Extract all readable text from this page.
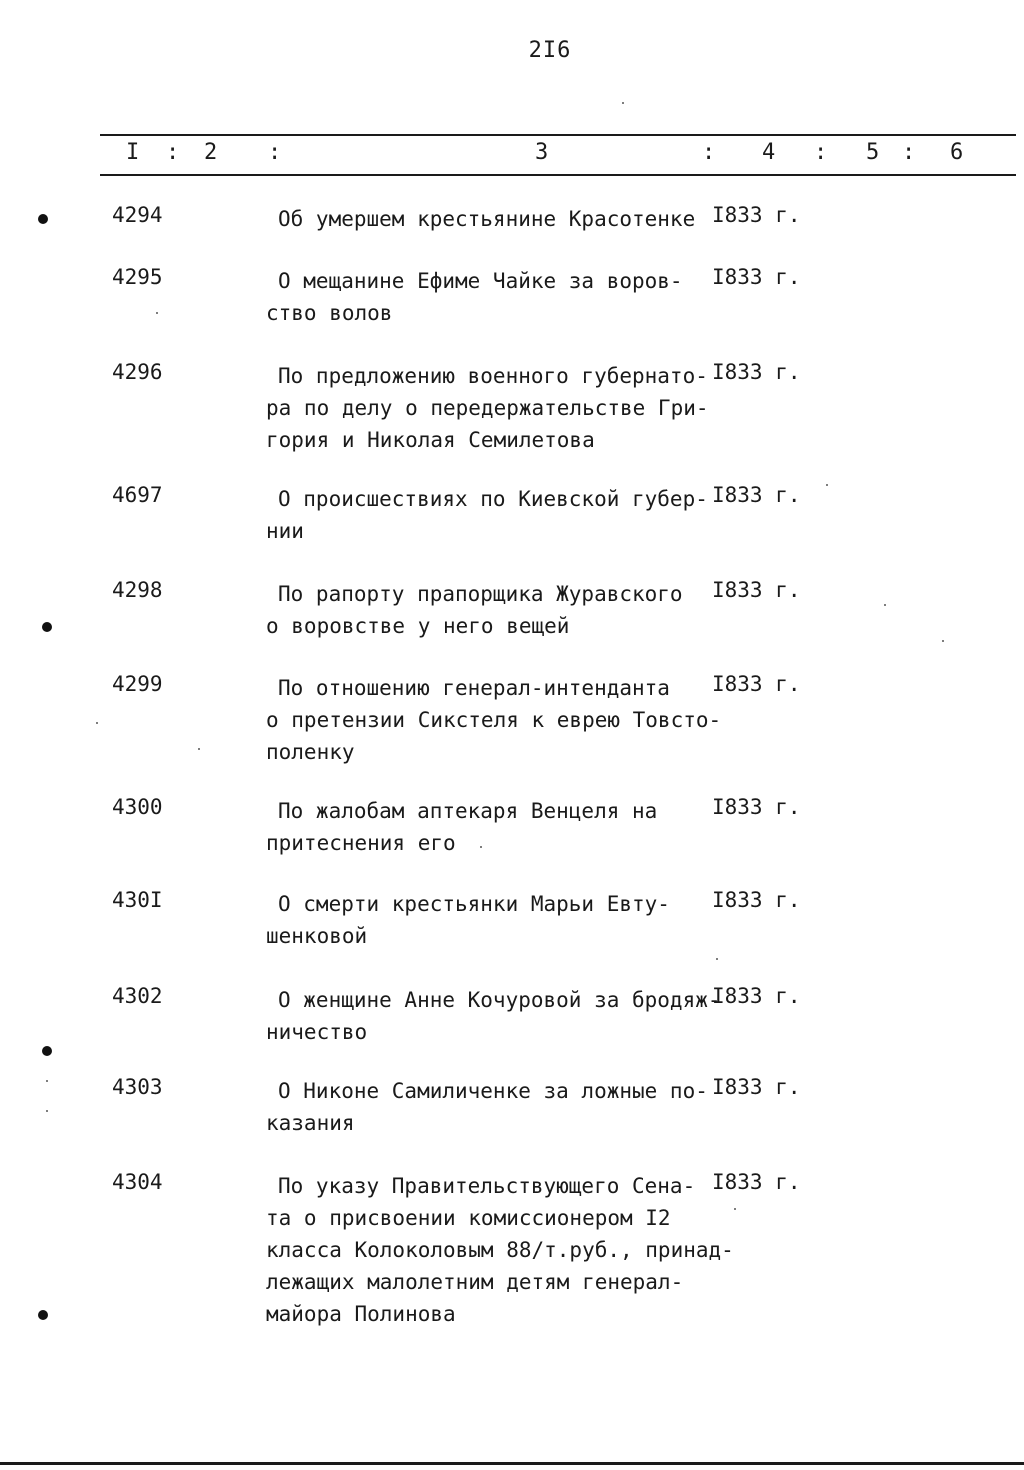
2I6
I : 2 :	3	: 4 : 5 : 6
4294	Об умершем крестьянине Красотенке I833 г.
4295	О мещанине Ефиме Чайке за воров-
ство волов
I833 г.
4296	По предложению военного губернато-
ра по делу о передержательстве Гри-
гория и Николая Семилетова
I833 г.
4697	О происшествиях по Киевской губер-
нии
I833 г.
4298	По рапорту прапорщика Журавского
о воровстве у него вещей
I833 г.
4299	По отношению генерал-интенданта
о претензии Сикстеля к еврею Товсто-
поленку
I833 г.
4300	По жалобам аптекаря Венцеля на
притеснения его
I833 г.
430I	О смерти крестьянки Марьи Евту-
шенковой
I833 г.
4302	О женщине Анне Кочуровой за бродяж-
ничество
I833 г.
4303	О Никоне Самиличенке за ложные по-
казания
I833 г.
4304	По указу Правительствующего Сена-
та о присвоении комиссионером I2
класса Колоколовым 88/т.руб., принад-
лежащих малолетним детям генерал-
майора Полинова
I833 г.
